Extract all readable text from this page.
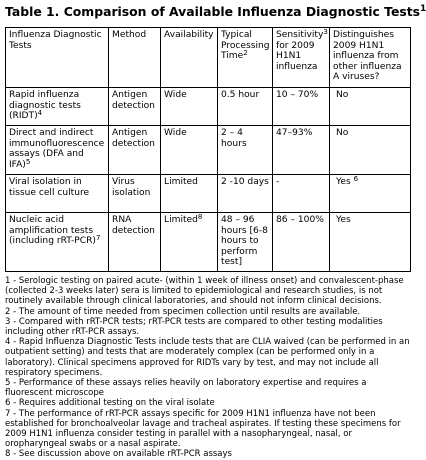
Table 1. Comparison of Available Influenza Diagnostic Tests$^1$
Influenza Diagnostic Tests	Method	Availability	Typical Processing Time$^2$	Sensitivity$^3$ for 2009 H1N1 influenza	Distinguishes 2009 H1N1 influenza from other influenza A viruses?
Rapid influenza diagnostic tests (RIDT)$^4$	Antigen detection	Wide	0.5 hour	10 – 70%	No
Direct and indirect immunofluorescence assays (DFA and IFA)$^5$	Antigen detection	Wide	2 – 4 hours	47–93%	No
Viral isolation in tissue cell culture	Virus isolation	Limited	2 -10 days	-	Yes $^6$
Nucleic acid amplification tests (including rRT-PCR)$^7$	RNA detection	Limited$^8$	48 – 96 hours [6-8 hours to perform test]	86 – 100%	Yes

1 - Serologic testing on paired acute- (within 1 week of illness onset) and convalescent-phase (collected 2-3 weeks later) sera is limited to epidemiological and research studies, is not routinely available through clinical laboratories, and should not inform clinical decisions.

2 - The amount of time needed from specimen collection until results are available.

3 - Compared with rRT-PCR tests; rRT-PCR tests are compared to other testing modalities including other rRT-PCR assays.

4 - Rapid Influenza Diagnostic Tests include tests that are CLIA waived (can be performed in an outpatient setting) and tests that are moderately complex (can be performed only in a laboratory). Clinical specimens approved for RIDTs vary by test, and may not include all respiratory specimens.

5 - Performance of these assays relies heavily on laboratory expertise and requires a fluorescent microscope

6 - Requires additional testing on the viral isolate

7 - The performance of rRT-PCR assays specific for 2009 H1N1 influenza have not been established for bronchoalveolar lavage and tracheal aspirates. If testing these specimens for 2009 H1N1 influenza consider testing in parallel with a nasopharyngeal, nasal, or oropharyngeal swabs or a nasal aspirate.

8 - See discussion above on available rRT-PCR assays
